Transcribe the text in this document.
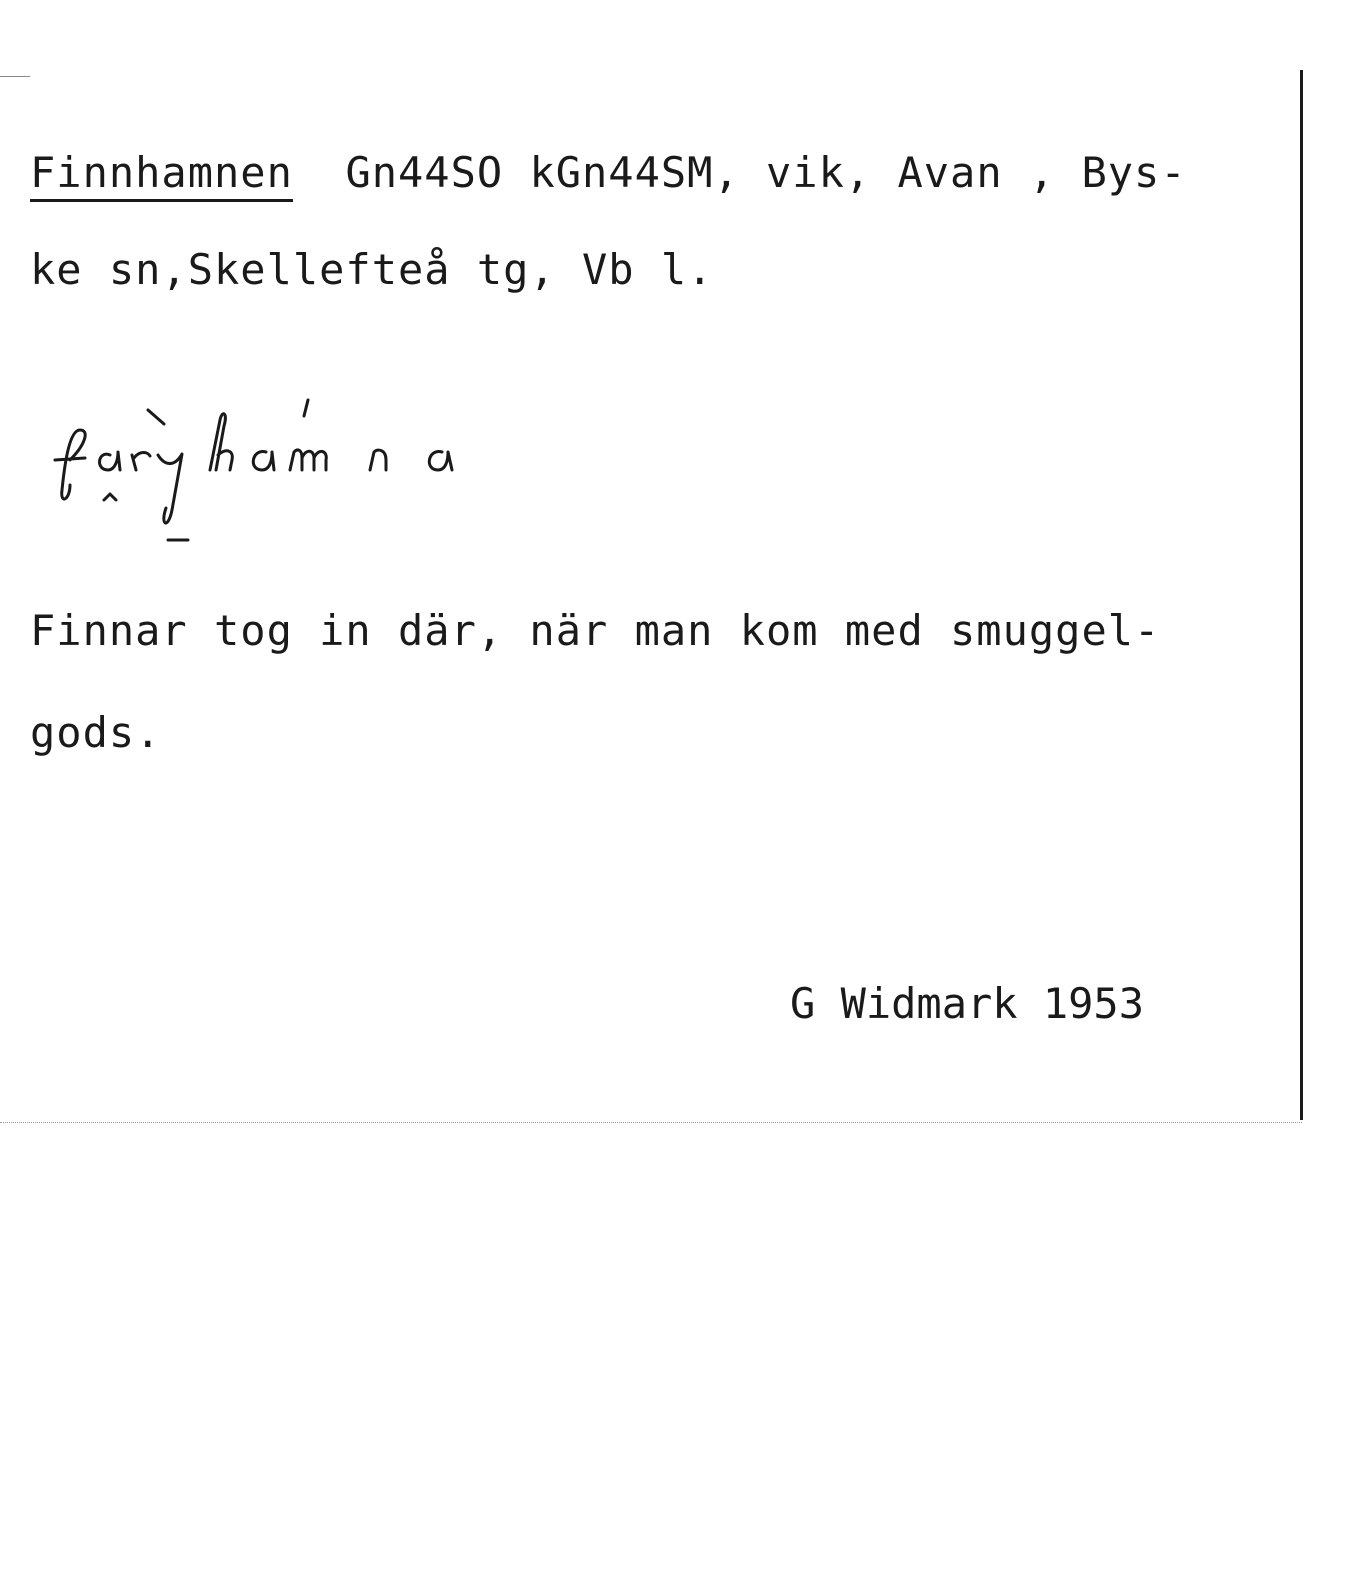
Finnhamnen  Gn44SO kGn44SM, vik, Avan , Bys-
ke sn,Skellefteå tg, Vb l.
Finnar tog in där, när man kom med smuggel-
gods.
G Widmark 1953
